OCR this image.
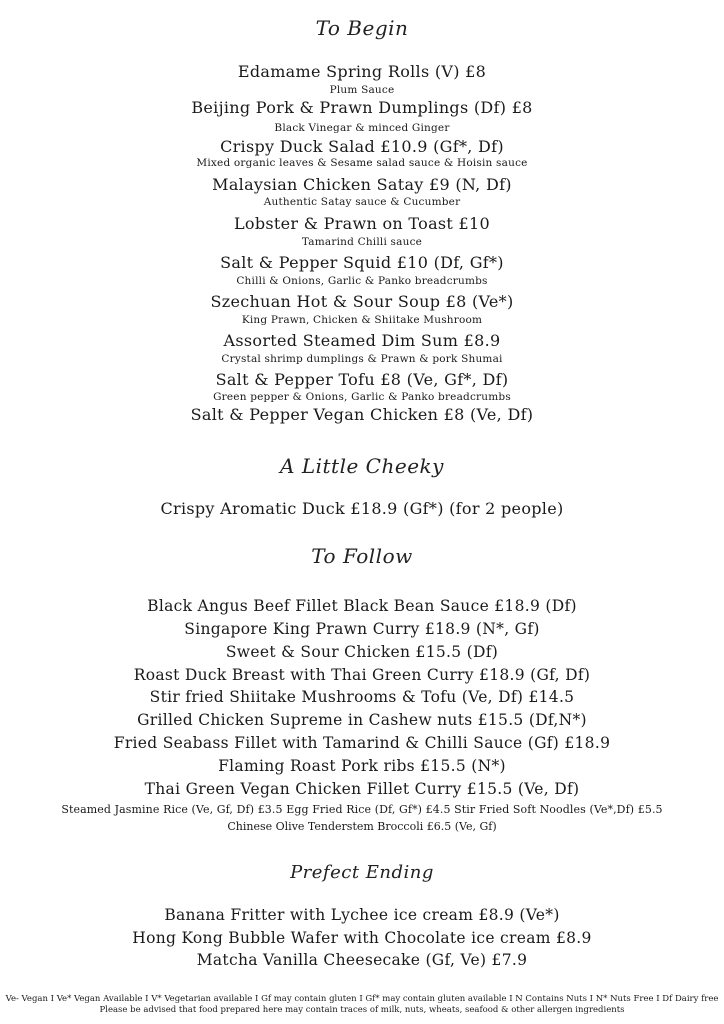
To Begin
Edamame Spring Rolls (V) £8
Plum Sauce
Beijing Pork & Prawn Dumplings (Df) £8
Black Vinegar & minced Ginger
Crispy Duck Salad £10.9 (Gf*, Df)
Mixed organic leaves & Sesame salad sauce & Hoisin sauce
Malaysian Chicken Satay £9 (N, Df)
Authentic Satay sauce & Cucumber
Lobster & Prawn on Toast £10
Tamarind Chilli sauce
Salt & Pepper Squid £10 (Df, Gf*)
Chilli & Onions, Garlic & Panko breadcrumbs
Szechuan Hot & Sour Soup £8 (Ve*)
King Prawn, Chicken & Shiitake Mushroom
Assorted Steamed Dim Sum £8.9
Crystal shrimp dumplings & Prawn & pork Shumai
Salt & Pepper Tofu £8 (Ve, Gf*, Df)
Green pepper & Onions, Garlic & Panko breadcrumbs
Salt & Pepper Vegan Chicken £8 (Ve, Df)
A Little Cheeky
Crispy Aromatic Duck £18.9 (Gf*) (for 2 people)
To Follow
Black Angus Beef Fillet Black Bean Sauce £18.9 (Df)
Singapore King Prawn Curry £18.9 (N*, Gf)
Sweet & Sour Chicken £15.5 (Df)
Roast Duck Breast with Thai Green Curry £18.9 (Gf, Df)
Stir fried Shiitake Mushrooms & Tofu (Ve, Df) £14.5
Grilled Chicken Supreme in Cashew nuts £15.5 (Df,N*)
Fried Seabass Fillet with Tamarind & Chilli Sauce (Gf) £18.9
Flaming Roast Pork ribs £15.5 (N*)
Thai Green Vegan Chicken Fillet Curry £15.5 (Ve, Df)
Steamed Jasmine Rice (Ve, Gf, Df) £3.5 Egg Fried Rice (Df, Gf*) £4.5 Stir Fried Soft Noodles (Ve*,Df) £5.5
Chinese Olive Tenderstem Broccoli £6.5 (Ve, Gf)
Prefect Ending
Banana Fritter with Lychee ice cream £8.9 (Ve*)
Hong Kong Bubble Wafer with Chocolate ice cream £8.9
Matcha Vanilla Cheesecake (Gf, Ve) £7.9
Ve- Vegan I Ve* Vegan Available I V* Vegetarian available I Gf may contain gluten I Gf* may contain gluten available I N Contains Nuts I N* Nuts Free I Df Dairy free
Please be advised that food prepared here may contain traces of milk, nuts, wheats, seafood & other allergen ingredients
